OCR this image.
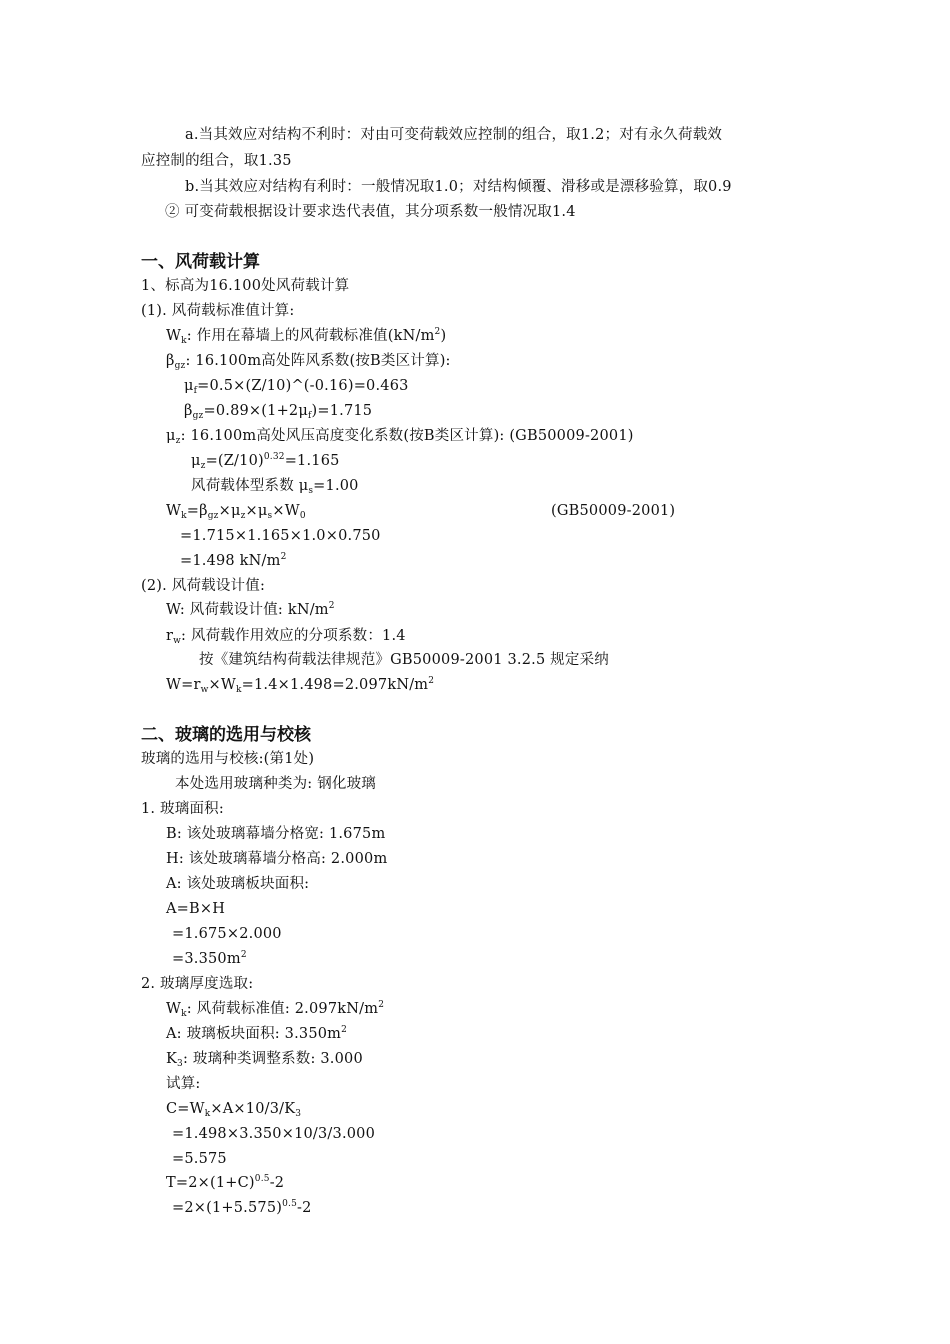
a.当其效应对结构不利时：对由可变荷载效应控制的组合，取1.2；对有永久荷载效
应控制的组合，取1.35
b.当其效应对结构有利时：一般情况取1.0；对结构倾覆、滑移或是漂移验算，取0.9
② 可变荷载根据设计要求迭代表值，其分项系数一般情况取1.4
一、风荷载计算
1、标高为16.100处风荷载计算
(1). 风荷载标准值计算:
$W_k$: 作用在幕墙上的风荷载标准值$(kN/m^2)$
$\beta_{gz}$: 16.100m高处阵风系数(按B类区计算):
$\mu_f=0.5\times(Z/10)\^{}(-0.16)=0.463$
$\beta_{gz}=0.89\times(1+2\mu_f)=1.715$
$\mu_z$: 16.100m高处风压高度变化系数(按B类区计算): (GB50009-2001)
$\mu_z=(Z/10)^{0.32}=1.165$
风荷载体型系数 $\mu_s=1.00$
$W_k=\beta_{gz}\times\mu_z\times\mu_s\times W_0$	(GB50009-2001)
=1.715×1.165×1.0×0.750
=1.498 $kN/m^2$
(2). 风荷载设计值:
W: 风荷载设计值: $kN/m^2$
$r_w$: 风荷载作用效应的分项系数：1.4
按《建筑结构荷载法律规范》GB50009-2001 3.2.5 规定采纳
$W=r_w\times W_k=1.4\times 1.498=2.097kN/m^2$
二、玻璃的选用与校核
玻璃的选用与校核:(第1处)
本处选用玻璃种类为: 钢化玻璃
1. 玻璃面积:
B: 该处玻璃幕墙分格宽: 1.675m
H: 该处玻璃幕墙分格高: 2.000m
A: 该处玻璃板块面积:
A=B×H
=1.675×2.000
$=3.350m^2$
2. 玻璃厚度选取:
$W_k$: 风荷载标准值: $2.097kN/m^2$
A: 玻璃板块面积: $3.350m^2$
$K_3$: 玻璃种类调整系数: 3.000
试算:
$C=W_k\times A\times 10/3/K_3$
=1.498×3.350×10/3/3.000
=5.575
$T=2\times(1+C)^{0.5}-2$
$=2\times(1+5.575)^{0.5}-2$
